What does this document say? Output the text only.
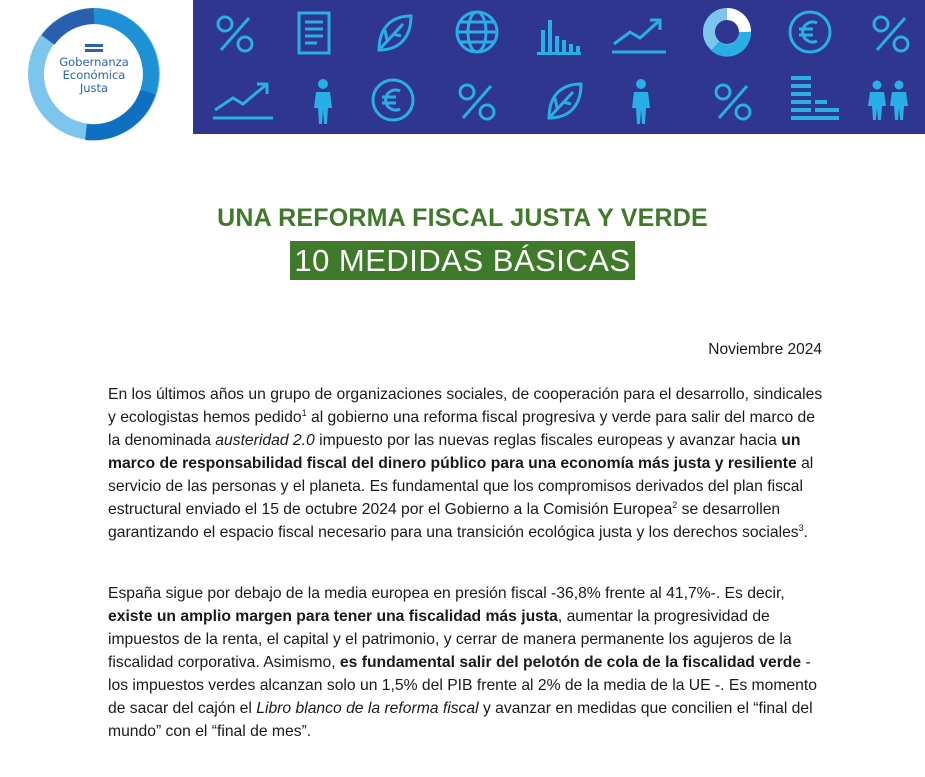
Gobernanza
Económica
Justa
UNA REFORMA FISCAL JUSTA Y VERDE
10 MEDIDAS BÁSICAS
Noviembre 2024
En los últimos años un grupo de organizaciones sociales, de cooperación para el desarrollo, sindicales y ecologistas hemos pedido$^1$ al gobierno una reforma fiscal progresiva y verde para salir del marco de la denominada austeridad 2.0 impuesto por las nuevas reglas fiscales europeas y avanzar hacia un marco de responsabilidad fiscal del dinero público para una economía más justa y resiliente al servicio de las personas y el planeta. Es fundamental que los compromisos derivados del plan fiscal estructural enviado el 15 de octubre 2024 por el Gobierno a la Comisión Europea$^2$ se desarrollen garantizando el espacio fiscal necesario para una transición ecológica justa y los derechos sociales$^3$.
España sigue por debajo de la media europea en presión fiscal -36,8% frente al 41,7%-. Es decir, existe un amplio margen para tener una fiscalidad más justa, aumentar la progresividad de impuestos de la renta, el capital y el patrimonio, y cerrar de manera permanente los agujeros de la fiscalidad corporativa. Asimismo, es fundamental salir del pelotón de cola de la fiscalidad verde - los impuestos verdes alcanzan solo un 1,5% del PIB frente al 2% de la media de la UE -. Es momento de sacar del cajón el Libro blanco de la reforma fiscal y avanzar en medidas que concilien el “final del mundo” con el “final de mes”.
